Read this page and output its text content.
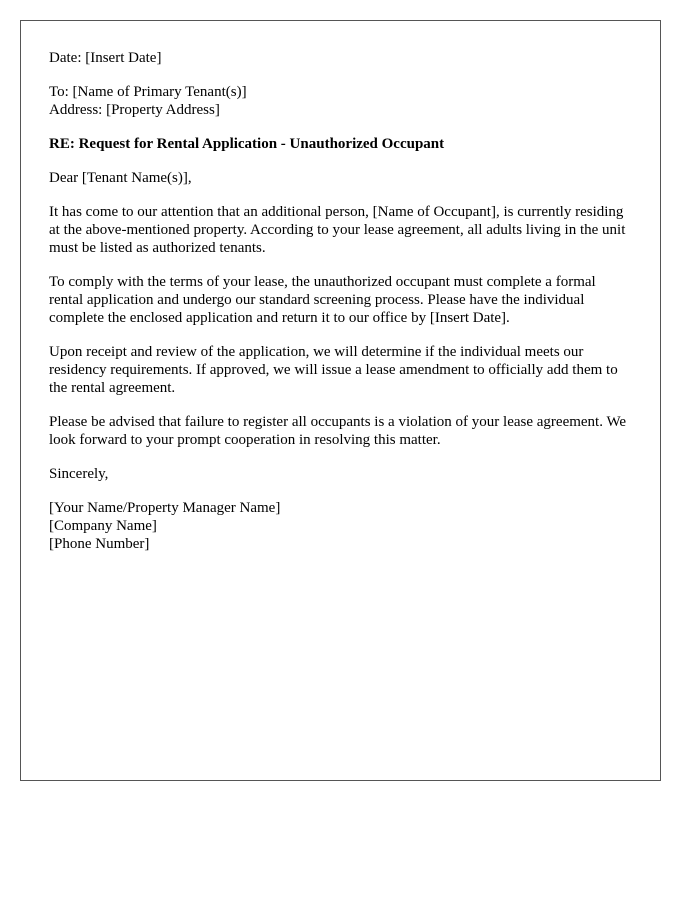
Date: [Insert Date]

To: [Name of Primary Tenant(s)]
Address: [Property Address]

RE: Request for Rental Application - Unauthorized Occupant

Dear [Tenant Name(s)],

It has come to our attention that an additional person, [Name of Occupant], is currently residing at the above-mentioned property. According to your lease agreement, all adults living in the unit must be listed as authorized tenants.

To comply with the terms of your lease, the unauthorized occupant must complete a formal rental application and undergo our standard screening process. Please have the individual complete the enclosed application and return it to our office by [Insert Date].

Upon receipt and review of the application, we will determine if the individual meets our residency requirements. If approved, we will issue a lease amendment to officially add them to the rental agreement.

Please be advised that failure to register all occupants is a violation of your lease agreement. We look forward to your prompt cooperation in resolving this matter.

Sincerely,

[Your Name/Property Manager Name]
[Company Name]
[Phone Number]
